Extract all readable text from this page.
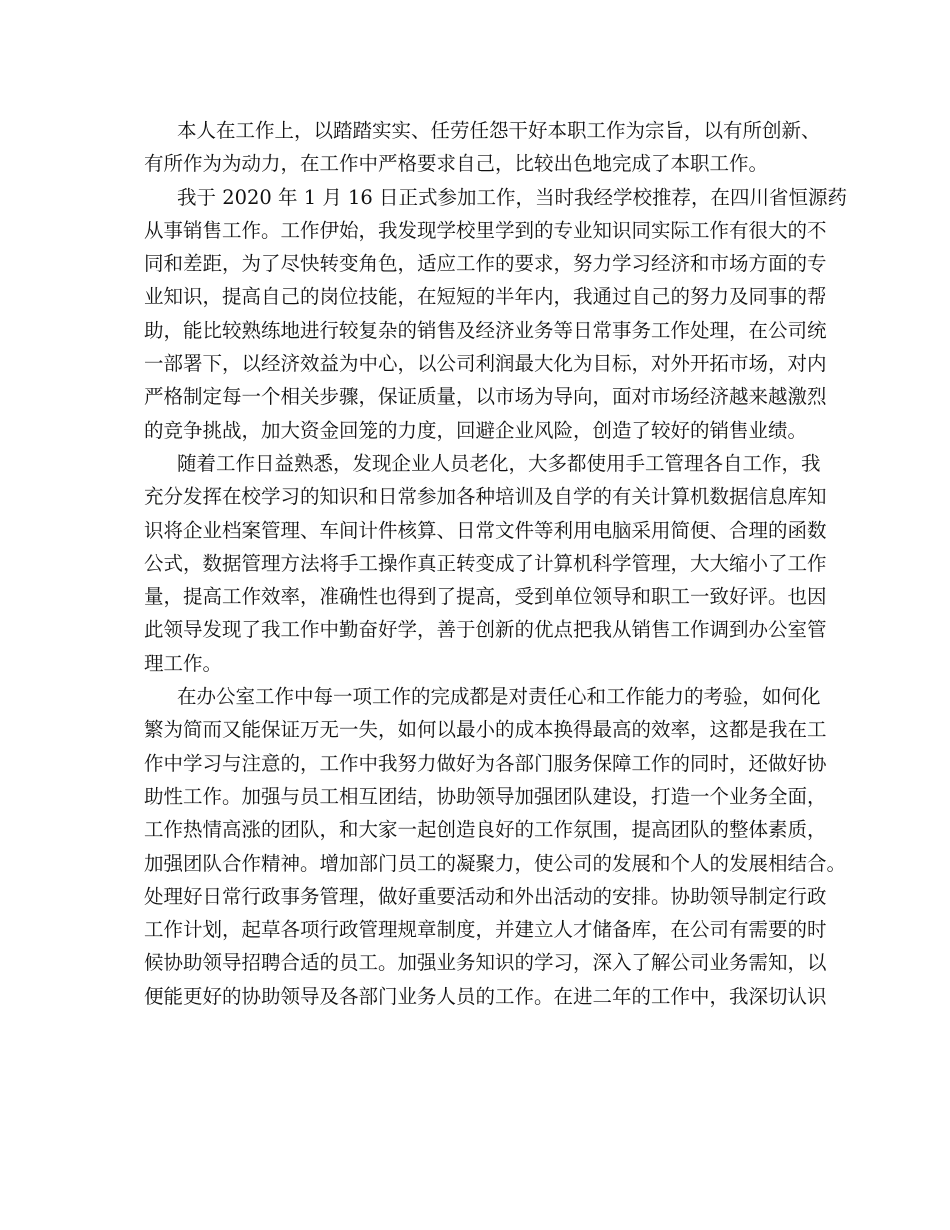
本人在工作上，以踏踏实实、任劳任怨干好本职工作为宗旨，以有所创新、
有所作为为动力，在工作中严格要求自己，比较出色地完成了本职工作。

我于 2020 年 1 月 16 日正式参加工作，当时我经学校推荐，在四川省恒源药
从事销售工作。工作伊始，我发现学校里学到的专业知识同实际工作有很大的不
同和差距，为了尽快转变角色，适应工作的要求，努力学习经济和市场方面的专
业知识，提高自己的岗位技能，在短短的半年内，我通过自己的努力及同事的帮
助，能比较熟练地进行较复杂的销售及经济业务等日常事务工作处理，在公司统
一部署下，以经济效益为中心，以公司利润最大化为目标，对外开拓市场，对内
严格制定每一个相关步骤，保证质量，以市场为导向，面对市场经济越来越激烈
的竞争挑战，加大资金回笼的力度，回避企业风险，创造了较好的销售业绩。

随着工作日益熟悉，发现企业人员老化，大多都使用手工管理各自工作，我
充分发挥在校学习的知识和日常参加各种培训及自学的有关计算机数据信息库知
识将企业档案管理、车间计件核算、日常文件等利用电脑采用简便、合理的函数
公式，数据管理方法将手工操作真正转变成了计算机科学管理，大大缩小了工作
量，提高工作效率，准确性也得到了提高，受到单位领导和职工一致好评。也因
此领导发现了我工作中勤奋好学，善于创新的优点把我从销售工作调到办公室管
理工作。

在办公室工作中每一项工作的完成都是对责任心和工作能力的考验，如何化
繁为简而又能保证万无一失，如何以最小的成本换得最高的效率，这都是我在工
作中学习与注意的，工作中我努力做好为各部门服务保障工作的同时，还做好协
助性工作。加强与员工相互团结，协助领导加强团队建设，打造一个业务全面，
工作热情高涨的团队，和大家一起创造良好的工作氛围，提高团队的整体素质，
加强团队合作精神。增加部门员工的凝聚力，使公司的发展和个人的发展相结合。
处理好日常行政事务管理，做好重要活动和外出活动的安排。协助领导制定行政
工作计划，起草各项行政管理规章制度，并建立人才储备库，在公司有需要的时
候协助领导招聘合适的员工。加强业务知识的学习，深入了解公司业务需知，以
便能更好的协助领导及各部门业务人员的工作。在进二年的工作中，我深切认识
